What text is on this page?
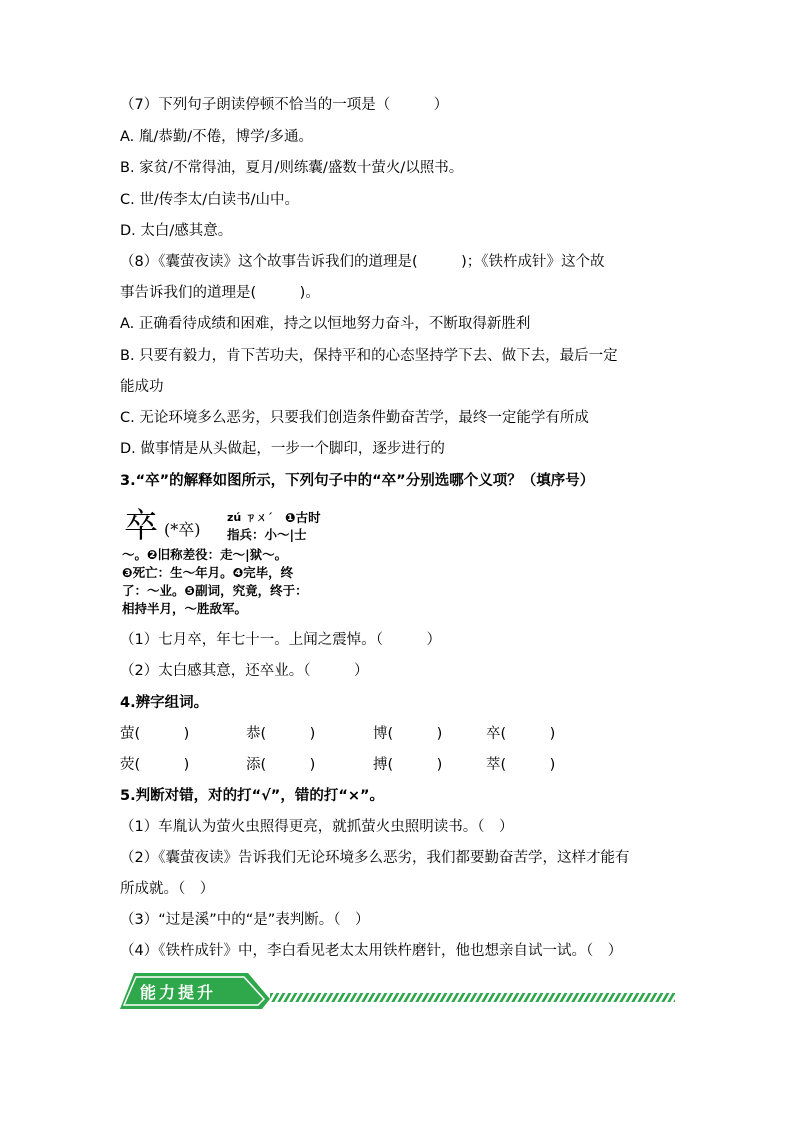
（7）下列句子朗读停顿不恰当的一项是（　　　）
A. 胤/恭勤/不倦，博学/多通。
B. 家贫/不常得油，夏月/则练囊/盛数十萤火/以照书。
C. 世/传李太/白读书/山中。
D. 太白/感其意。
（8）《囊萤夜读》这个故事告诉我们的道理是(　　　)；《铁杵成针》这个故
事告诉我们的道理是(　　　)。
A. 正确看待成绩和困难，持之以恒地努力奋斗，不断取得新胜利
B. 只要有毅力，肯下苦功夫，保持平和的心态坚持学下去、做下去，最后一定
能成功
C. 无论环境多么恶劣，只要我们创造条件勤奋苦学，最终一定能学有所成
D. 做事情是从头做起，一步一个脚印，逐步进行的
3.“卒”的解释如图所示，下列句子中的“卒”分别选哪个义项？（填序号）
卒 (*卒)
zú ㄗㄨˊ ❶古时
指兵：小～|士
～。❷旧称差役：走～|狱～。
❸死亡：生～年月。❹完毕，终
了：～业。❺副词，究竟，终于：
相持半月，～胜敌军。
（1）七月卒，年七十一。上闻之震悼。（　　　）
（2）太白感其意，还卒业。（　　　）
4.辨字组词。
萤(　　　)	恭(　　　)	博(　　　)	卒(　　　)
荧(　　　)	添(　　　)	搏(　　　)	萃(　　　)
5.判断对错，对的打“√”，错的打“×”。
（1）车胤认为萤火虫照得更亮，就抓萤火虫照明读书。（　）
（2）《囊萤夜读》告诉我们无论环境多么恶劣，我们都要勤奋苦学，这样才能有
所成就。（　）
（3）“过是溪”中的“是”表判断。（　）
（4）《铁杵成针》中，李白看见老太太用铁杵磨针，他也想亲自试一试。（　）
能力提升
